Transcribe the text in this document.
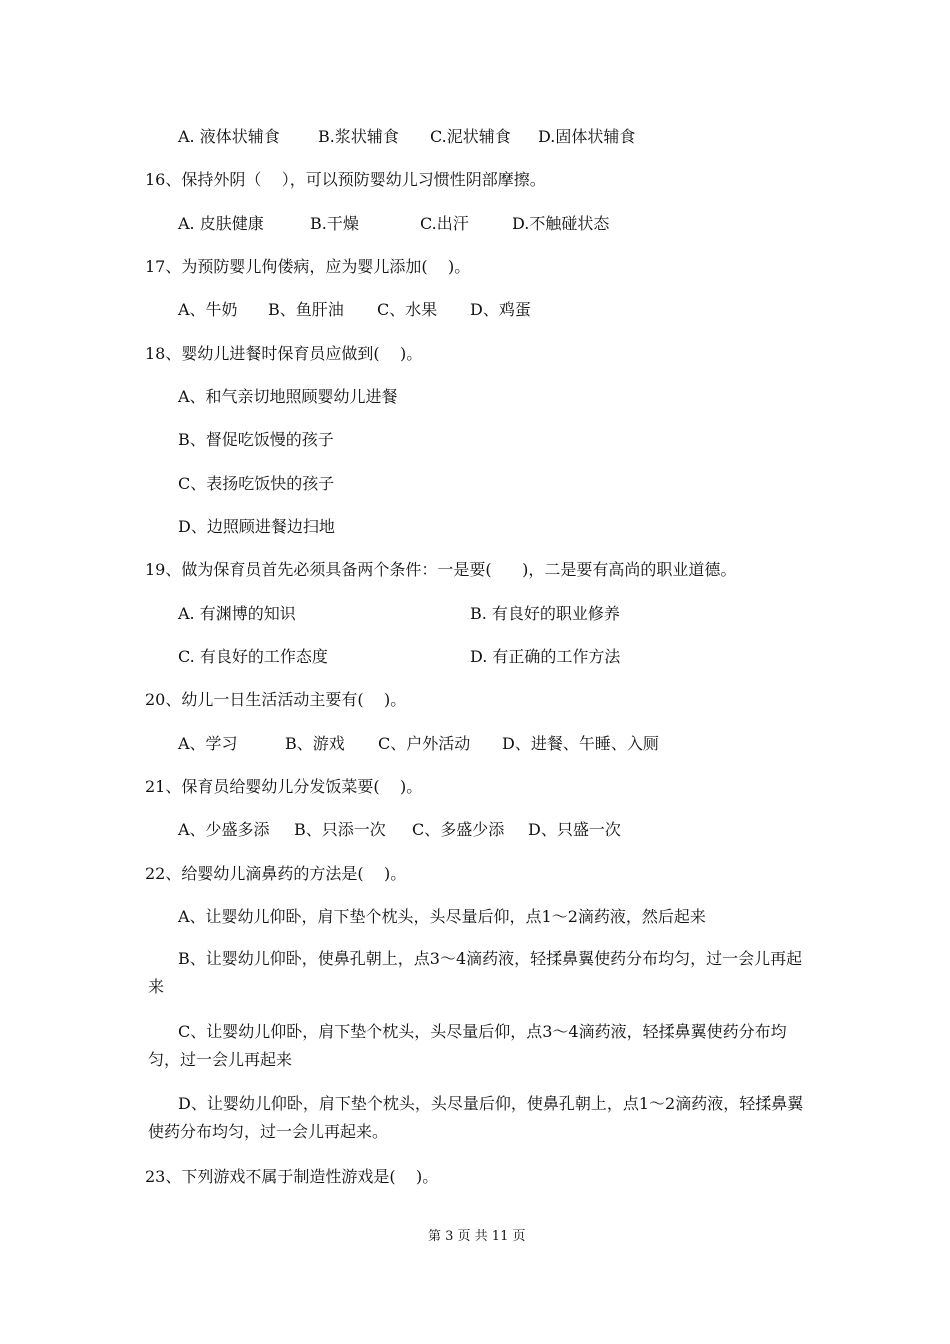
A. 液体状辅食 B.浆状辅食 C.泥状辅食 D.固体状辅食
16、保持外阴（    ），可以预防婴幼儿习惯性阴部摩擦。
A. 皮肤健康	B.干燥	C.出汗	D.不触碰状态
17、为预防婴儿佝偻病，应为婴儿添加(    )。
A、牛奶 B、鱼肝油 C、水果 D、鸡蛋
18、婴幼儿进餐时保育员应做到(    )。
A、和气亲切地照顾婴幼儿进餐
B、督促吃饭慢的孩子
C、表扬吃饭快的孩子
D、边照顾进餐边扫地
19、做为保育员首先必须具备两个条件：一是要(      )，二是要有高尚的职业道德。
A. 有渊博的知识	B. 有良好的职业修养
C. 有良好的工作态度	D. 有正确的工作方法
20、幼儿一日生活活动主要有(    )。
A、学习	B、游戏 C、户外活动 D、进餐、午睡、入厕
21、保育员给婴幼儿分发饭菜要(    )。
A、少盛多添 B、只添一次 C、多盛少添 D、只盛一次
22、给婴幼儿滴鼻药的方法是(    )。
A、让婴幼儿仰卧，肩下垫个枕头，头尽量后仰，点1～2滴药液，然后起来
B、让婴幼儿仰卧，使鼻孔朝上，点3～4滴药液，轻揉鼻翼使药分布均匀，过一会儿再起来
C、让婴幼儿仰卧，肩下垫个枕头，头尽量后仰，点3～4滴药液，轻揉鼻翼使药分布均匀，过一会儿再起来
D、让婴幼儿仰卧，肩下垫个枕头，头尽量后仰，使鼻孔朝上，点1～2滴药液，轻揉鼻翼使药分布均匀，过一会儿再起来。
23、下列游戏不属于制造性游戏是(    )。
第 3 页 共 11 页
